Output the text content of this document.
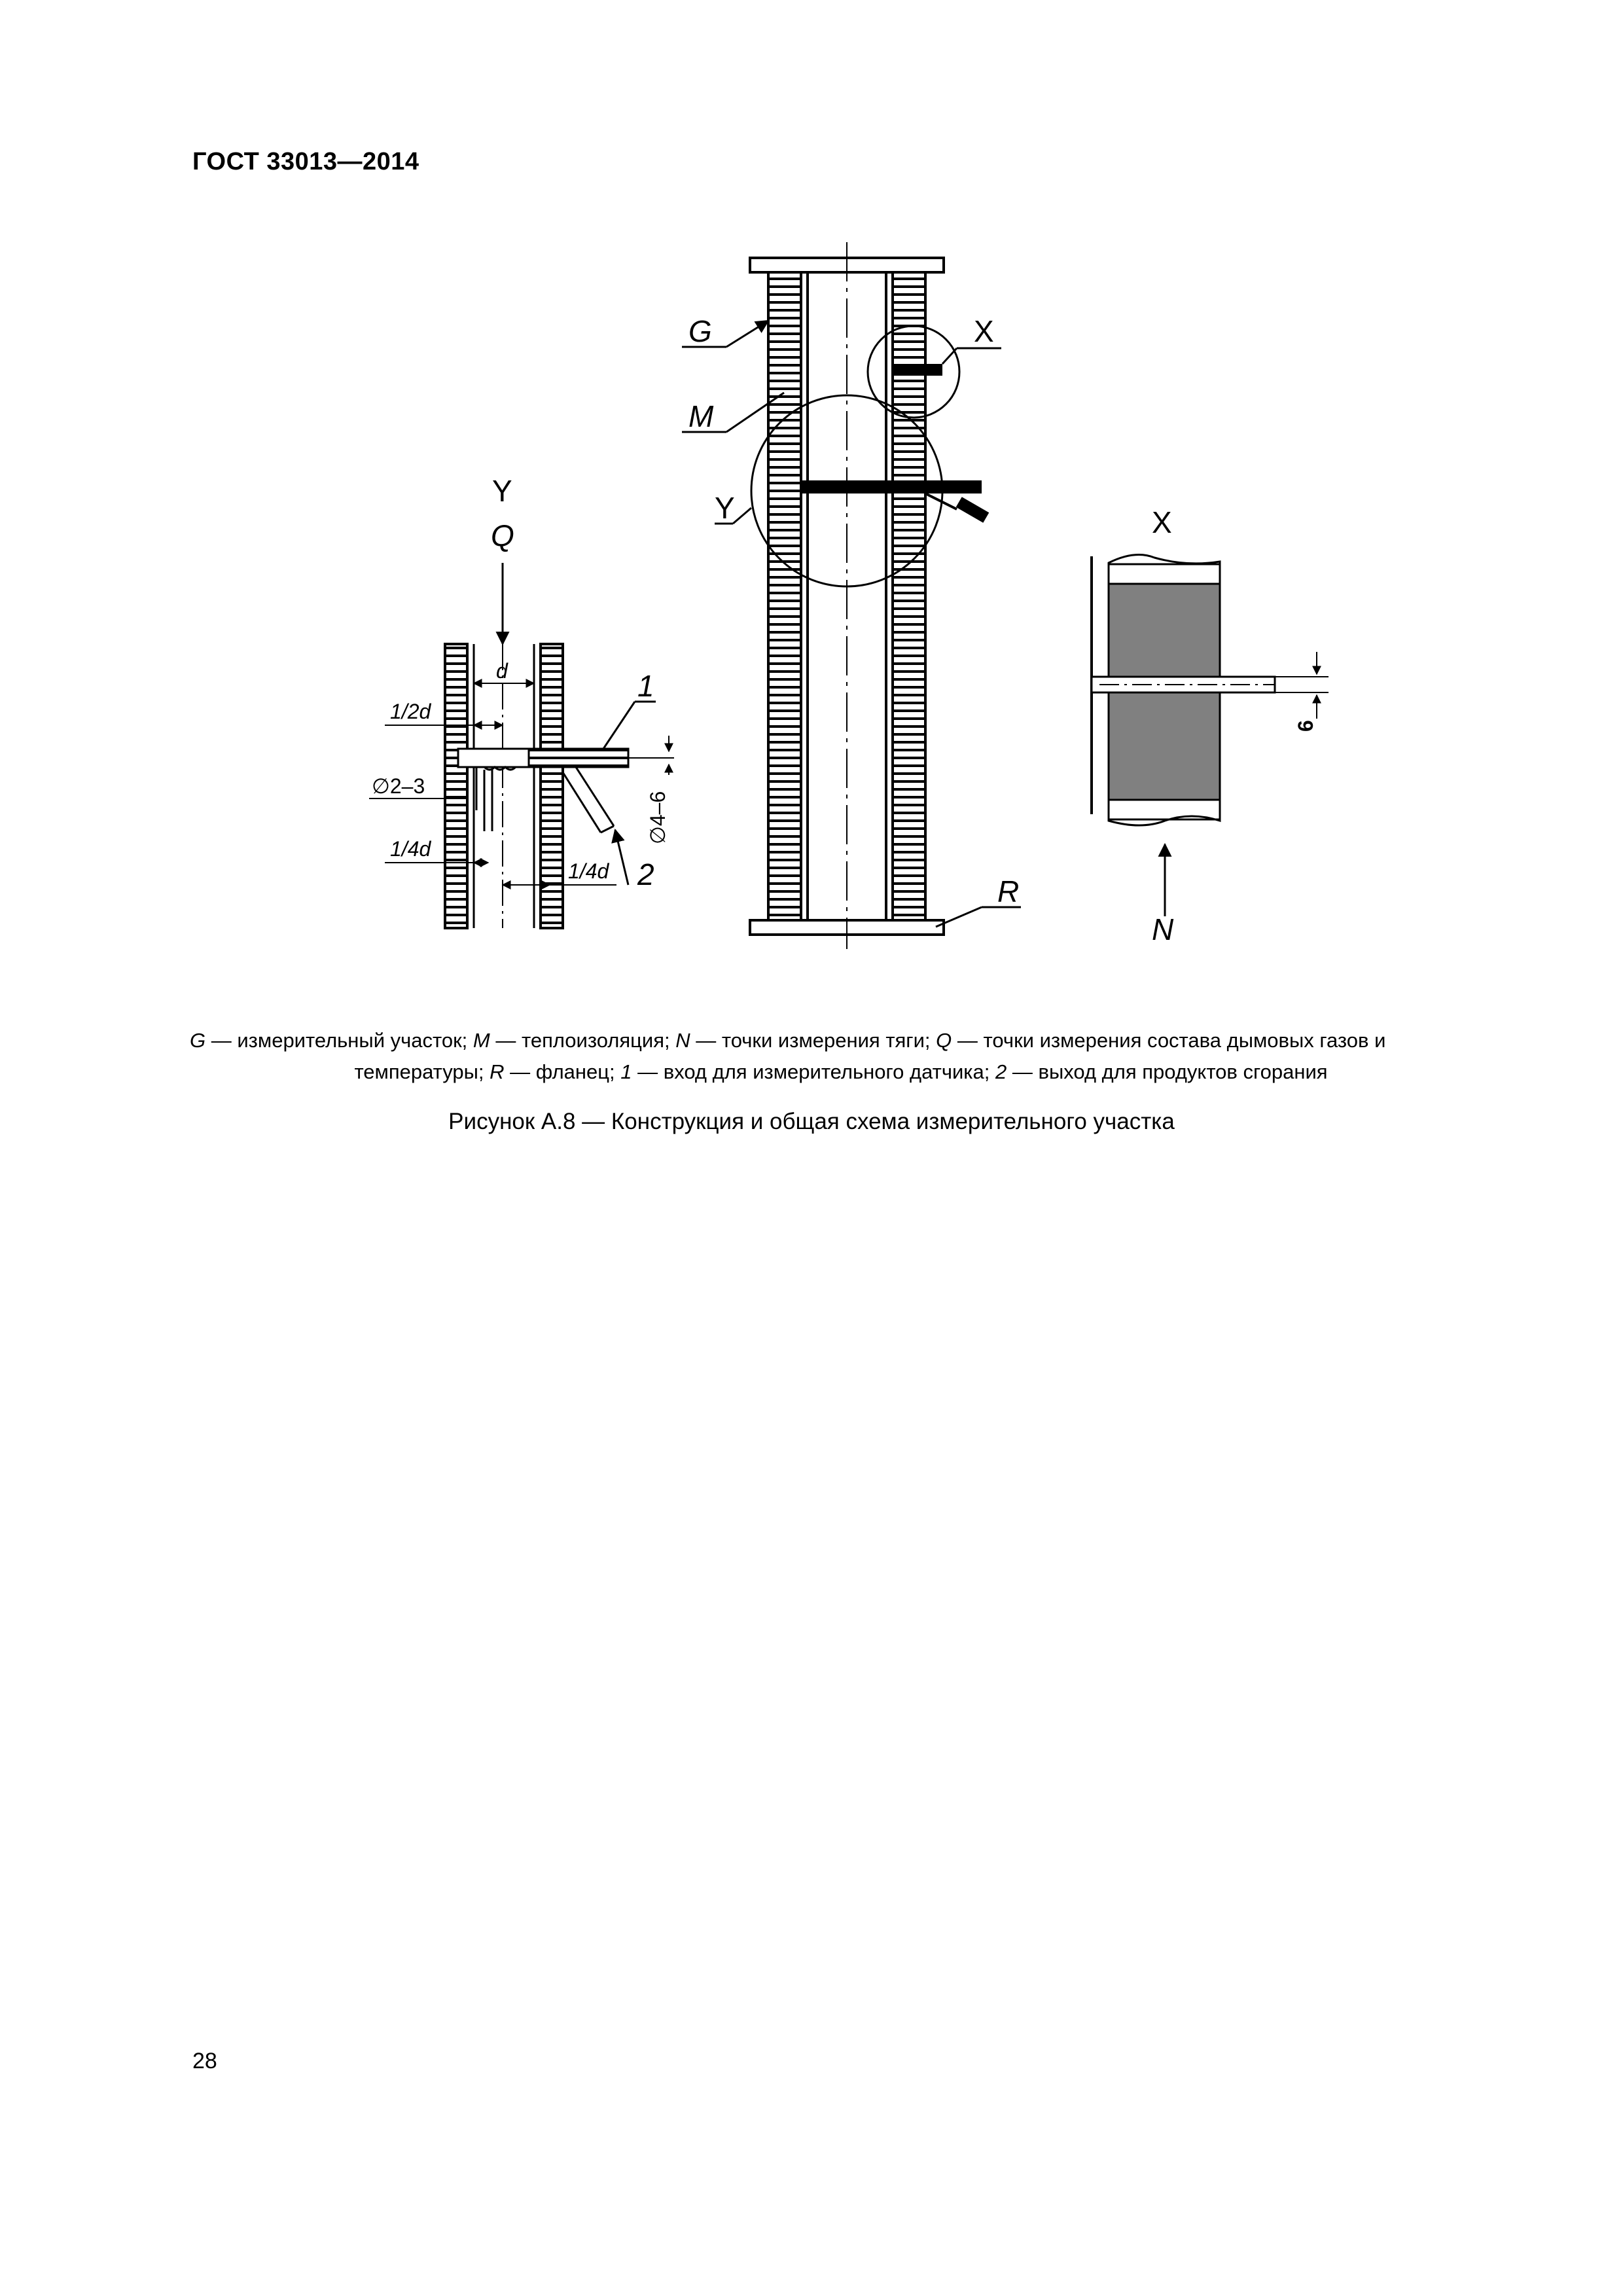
ГОСТ 33013—2014
G
M
Y
X
R
Y
Q
d
1/2d
1
∅2–3
1/4d
1/4d 2
∅4–6
X
6
N
G — измерительный участок; M — теплоизоляция; N — точки измерения тяги; Q — точки измерения состава дымовых газов и
температуры; R — фланец; 1 — вход для измерительного датчика; 2 — выход для продуктов сгорания
Рисунок А.8 — Конструкция и общая схема измерительного участка
28
